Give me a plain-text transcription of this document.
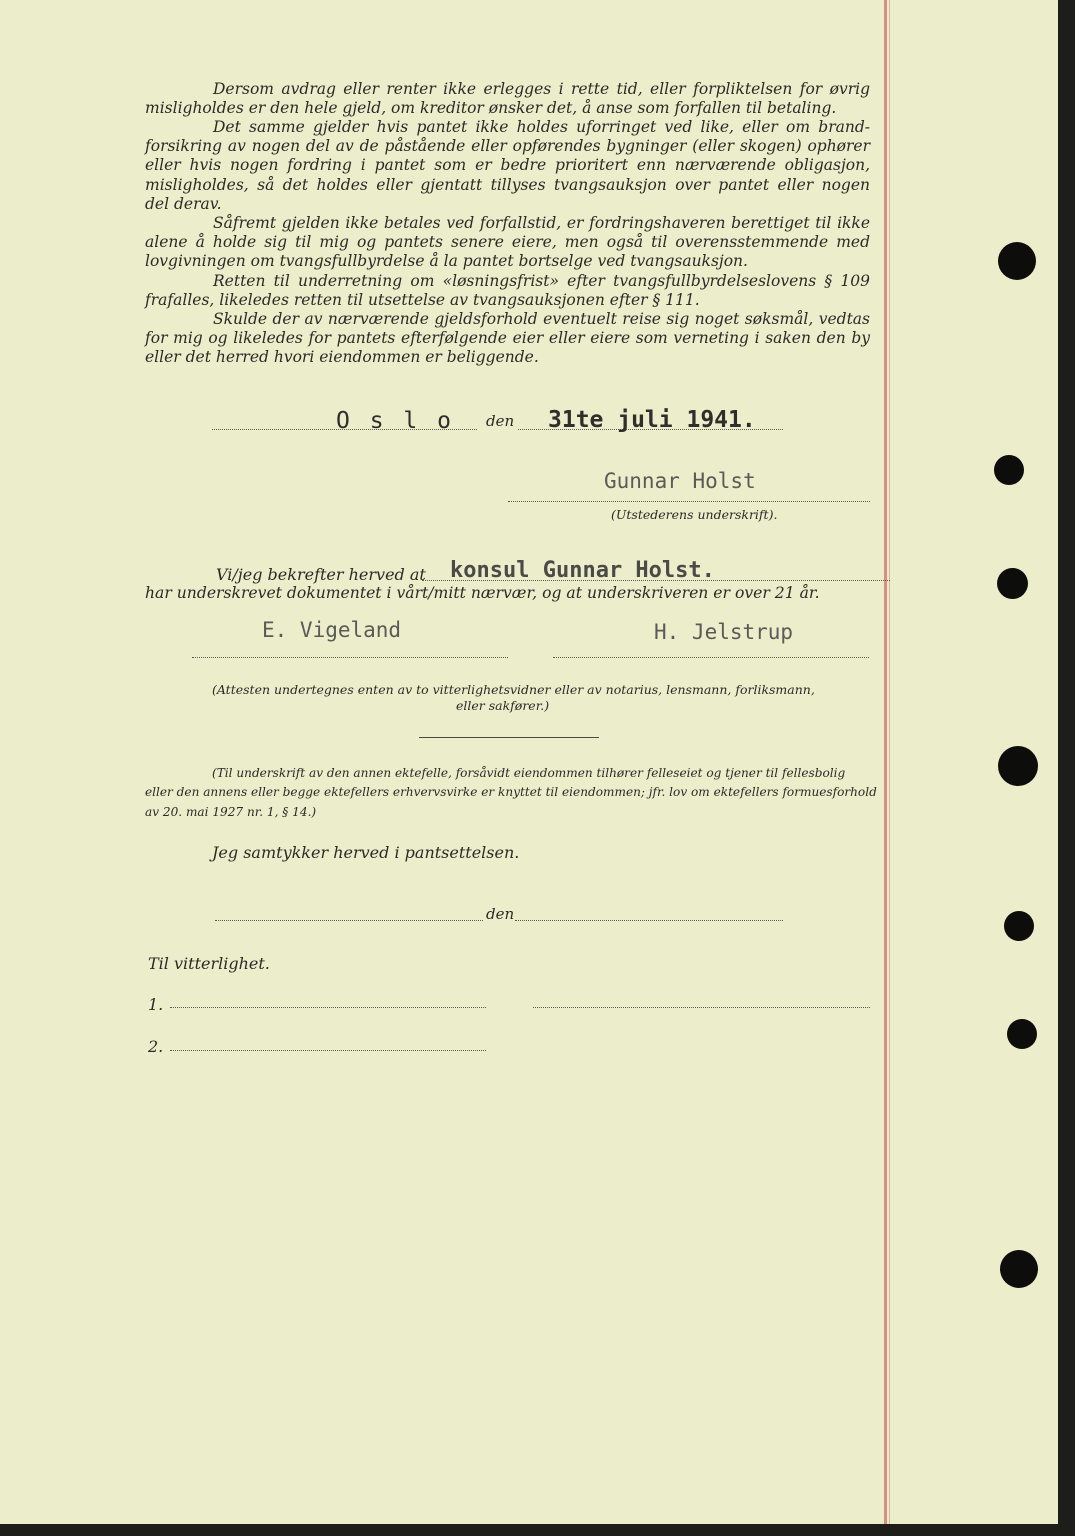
Dersom avdrag eller renter ikke erlegges i rette tid, eller forpliktelsen for øvrig
misligholdes er den hele gjeld, om kreditor ønsker det, å anse som forfallen til betaling.
Det samme gjelder hvis pantet ikke holdes uforringet ved like, eller om brand-
forsikring av nogen del av de påstående eller opførendes bygninger (eller skogen) ophører
eller hvis nogen fordring i pantet som er bedre prioritert enn nærværende obligasjon,
misligholdes, så det holdes eller gjentatt tillyses tvangsauksjon over pantet eller nogen
del derav.
Såfremt gjelden ikke betales ved forfallstid, er fordringshaveren berettiget til ikke
alene å holde sig til mig og pantets senere eiere, men også til overensstemmende med
lovgivningen om tvangsfullbyrdelse å la pantet bortselge ved tvangsauksjon.
Retten til underretning om «løsningsfrist» efter tvangsfullbyrdelseslovens § 109
frafalles, likeledes retten til utsettelse av tvangsauksjonen efter § 111.
Skulde der av nærværende gjeldsforhold eventuelt reise sig noget søksmål, vedtas
for mig og likeledes for pantets efterfølgende eier eller eiere som verneting i saken den by
eller det herred hvori eiendommen er beliggende.
O s l o den 31te juli 1941.
Gunnar Holst
(Utstederens underskrift).
Vi/jeg bekrefter herved at konsul Gunnar Holst.
har underskrevet dokumentet i vårt/mitt nærvær, og at underskriveren er over 21 år.
E. Vigeland	H. Jelstrup
(Attesten undertegnes enten av to vitterlighetsvidner eller av notarius, lensmann, forliksmann,
eller sakfører.)
(Til underskrift av den annen ektefelle, forsåvidt eiendommen tilhører felleseiet og tjener til fellesbolig
eller den annens eller begge ektefellers erhvervsvirke er knyttet til eiendommen; jfr. lov om ektefellers formuesforhold
av 20. mai 1927 nr. 1, § 14.)
Jeg samtykker herved i pantsettelsen.
den
Til vitterlighet.
1.
2.
